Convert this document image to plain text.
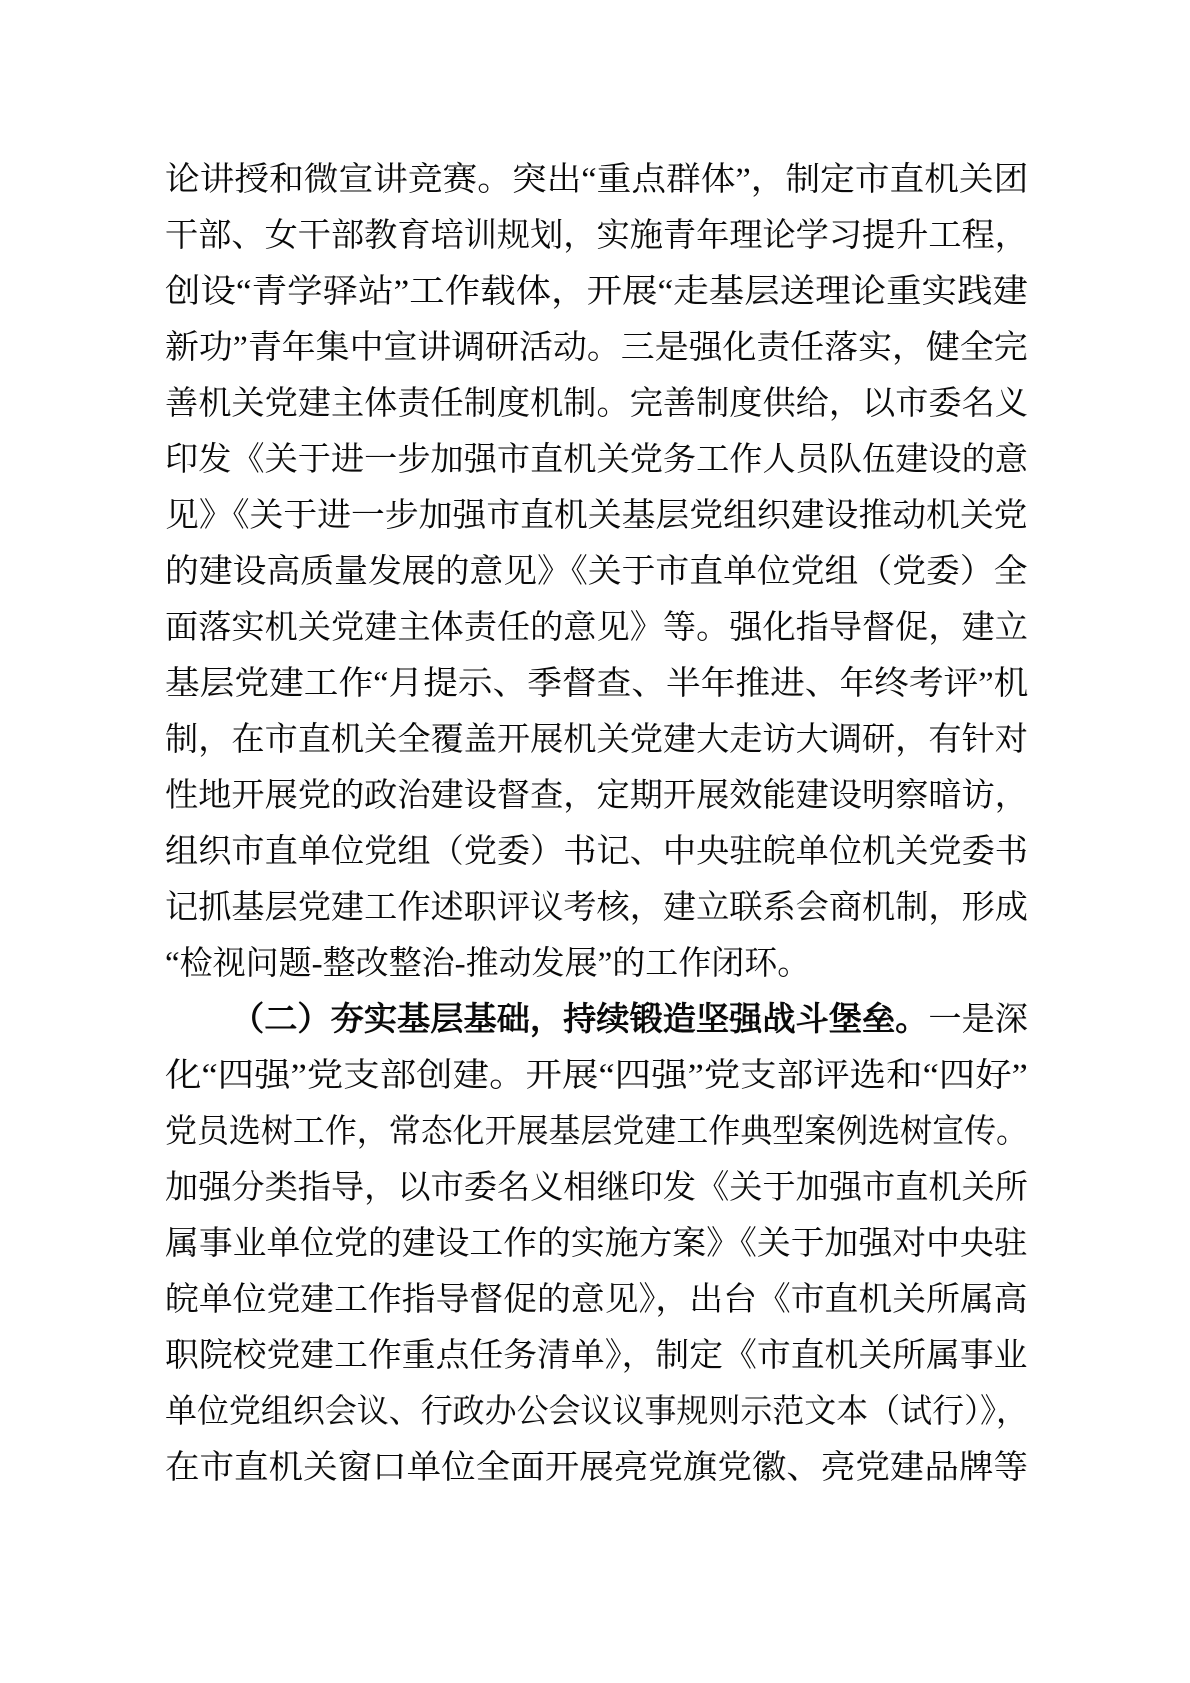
论讲授和微宣讲竞赛。突出“重点群体”，制定市直机关团
干部、女干部教育培训规划，实施青年理论学习提升工程，
创设“青学驿站”工作载体，开展“走基层送理论重实践建
新功”青年集中宣讲调研活动。三是强化责任落实，健全完
善机关党建主体责任制度机制。完善制度供给，以市委名义
印发《关于进一步加强市直机关党务工作人员队伍建设的意
见》《关于进一步加强市直机关基层党组织建设推动机关党
的建设高质量发展的意见》《关于市直单位党组（党委）全
面落实机关党建主体责任的意见》等。强化指导督促，建立
基层党建工作“月提示、季督查、半年推进、年终考评”机
制，在市直机关全覆盖开展机关党建大走访大调研，有针对
性地开展党的政治建设督查，定期开展效能建设明察暗访，
组织市直单位党组（党委）书记、中央驻皖单位机关党委书
记抓基层党建工作述职评议考核，建立联系会商机制，形成
“检视问题-整改整治-推动发展”的工作闭环。
（二）夯实基层基础，持续锻造坚强战斗堡垒。一是深
化“四强”党支部创建。开展“四强”党支部评选和“四好”
党员选树工作，常态化开展基层党建工作典型案例选树宣传。
加强分类指导，以市委名义相继印发《关于加强市直机关所
属事业单位党的建设工作的实施方案》《关于加强对中央驻
皖单位党建工作指导督促的意见》，出台《市直机关所属高
职院校党建工作重点任务清单》，制定《市直机关所属事业
单位党组织会议、行政办公会议议事规则示范文本（试行）》，
在市直机关窗口单位全面开展亮党旗党徽、亮党建品牌等
